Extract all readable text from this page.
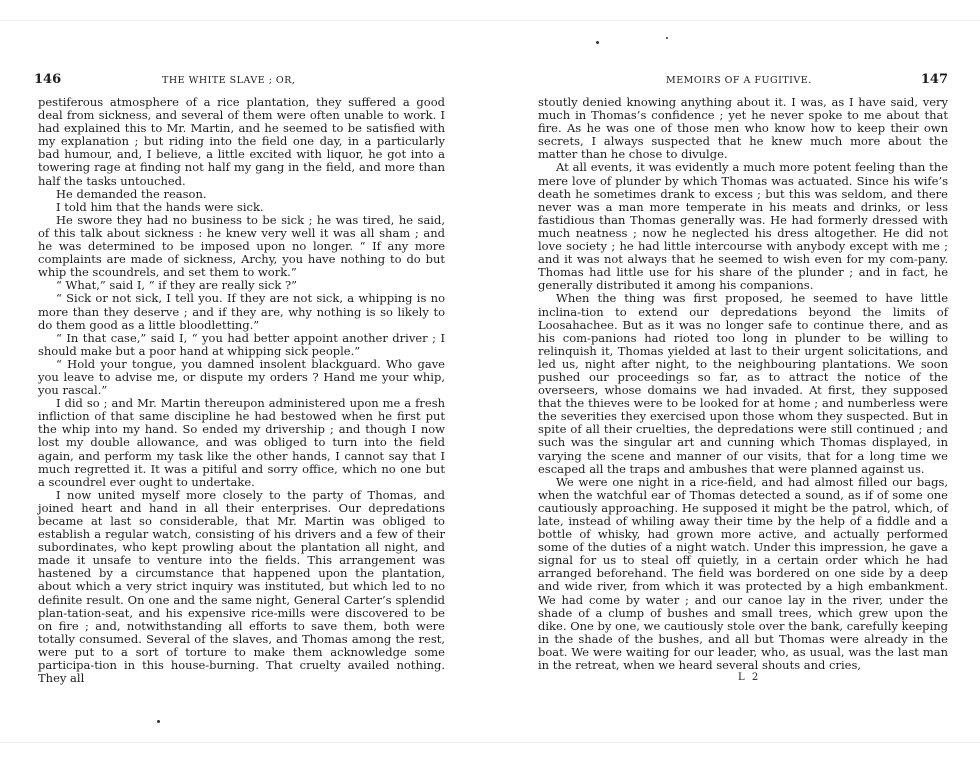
146	THE WHITE SLAVE ; OR,

pestiferous atmosphere of a rice plantation, they suffered a good deal from sickness, and several of them were often unable to work. I had explained this to Mr. Martin, and he seemed to be satisfied with my explanation ; but riding into the field one day, in a particularly bad humour, and, I believe, a little excited with liquor, he got into a towering rage at finding not half my gang in the field, and more than half the tasks untouched.

He demanded the reason.

I told him that the hands were sick.

He swore they had no business to be sick ; he was tired, he said, of this talk about sickness : he knew very well it was all sham ; and he was determined to be imposed upon no longer. “ If any more complaints are made of sickness, Archy, you have nothing to do but whip the scoundrels, and set them to work.”

“ What,” said I, “ if they are really sick ?”

“ Sick or not sick, I tell you. If they are not sick, a whipping is no more than they deserve ; and if they are, why nothing is so likely to do them good as a little bloodletting.”

“ In that case,” said I, “ you had better appoint another driver ; I should make but a poor hand at whipping sick people.”

“ Hold your tongue, you damned insolent blackguard. Who gave you leave to advise me, or dispute my orders ? Hand me your whip, you rascal.”

I did so ; and Mr. Martin thereupon administered upon me a fresh infliction of that same discipline he had bestowed when he first put the whip into my hand. So ended my drivership ; and though I now lost my double allowance, and was obliged to turn into the field again, and perform my task like the other hands, I cannot say that I much regretted it. It was a pitiful and sorry office, which no one but a scoundrel ever ought to undertake.

I now united myself more closely to the party of Thomas, and joined heart and hand in all their enterprises. Our depredations became at last so considerable, that Mr. Martin was obliged to establish a regular watch, consisting of his drivers and a few of their subordinates, who kept prowling about the plantation all night, and made it unsafe to venture into the fields. This arrangement was hastened by a circumstance that happened upon the plantation, about which a very strict inquiry was instituted, but which led to no definite result. On one and the same night, General Carter’s splendid plan-tation-seat, and his expensive rice-mills were discovered to be on fire ; and, notwithstanding all efforts to save them, both were totally consumed. Several of the slaves, and Thomas among the rest, were put to a sort of torture to make them acknowledge some participa-tion in this house-burning. That cruelty availed nothing. They all

MEMOIRS OF A FUGITIVE.	147

stoutly denied knowing anything about it. I was, as I have said, very much in Thomas’s confidence ; yet he never spoke to me about that fire. As he was one of those men who know how to keep their own secrets, I always suspected that he knew much more about the matter than he chose to divulge.

At all events, it was evidently a much more potent feeling than the mere love of plunder by which Thomas was actuated. Since his wife’s death he sometimes drank to excess ; but this was seldom, and there never was a man more temperate in his meats and drinks, or less fastidious than Thomas generally was. He had formerly dressed with much neatness ; now he neglected his dress altogether. He did not love society ; he had little intercourse with anybody except with me ; and it was not always that he seemed to wish even for my com-pany. Thomas had little use for his share of the plunder ; and in fact, he generally distributed it among his companions.

When the thing was first proposed, he seemed to have little inclina-tion to extend our depredations beyond the limits of Loosahachee. But as it was no longer safe to continue there, and as his com-panions had rioted too long in plunder to be willing to relinquish it, Thomas yielded at last to their urgent solicitations, and led us, night after night, to the neighbouring plantations. We soon pushed our proceedings so far, as to attract the notice of the overseers, whose domains we had invaded. At first, they supposed that the thieves were to be looked for at home ; and numberless were the severities they exercised upon those whom they suspected. But in spite of all their cruelties, the depredations were still continued ; and such was the singular art and cunning which Thomas displayed, in varying the scene and manner of our visits, that for a long time we escaped all the traps and ambushes that were planned against us.

We were one night in a rice-field, and had almost filled our bags, when the watchful ear of Thomas detected a sound, as if of some one cautiously approaching. He supposed it might be the patrol, which, of late, instead of whiling away their time by the help of a fiddle and a bottle of whisky, had grown more active, and actually performed some of the duties of a night watch. Under this impression, he gave a signal for us to steal off quietly, in a certain order which he had arranged beforehand. The field was bordered on one side by a deep and wide river, from which it was protected by a high embankment. We had come by water ; and our canoe lay in the river, under the shade of a clump of bushes and small trees, which grew upon the dike. One by one, we cautiously stole over the bank, carefully keeping in the shade of the bushes, and all but Thomas were already in the boat. We were waiting for our leader, who, as usual, was the last man in the retreat, when we heard several shouts and cries,

L 2
